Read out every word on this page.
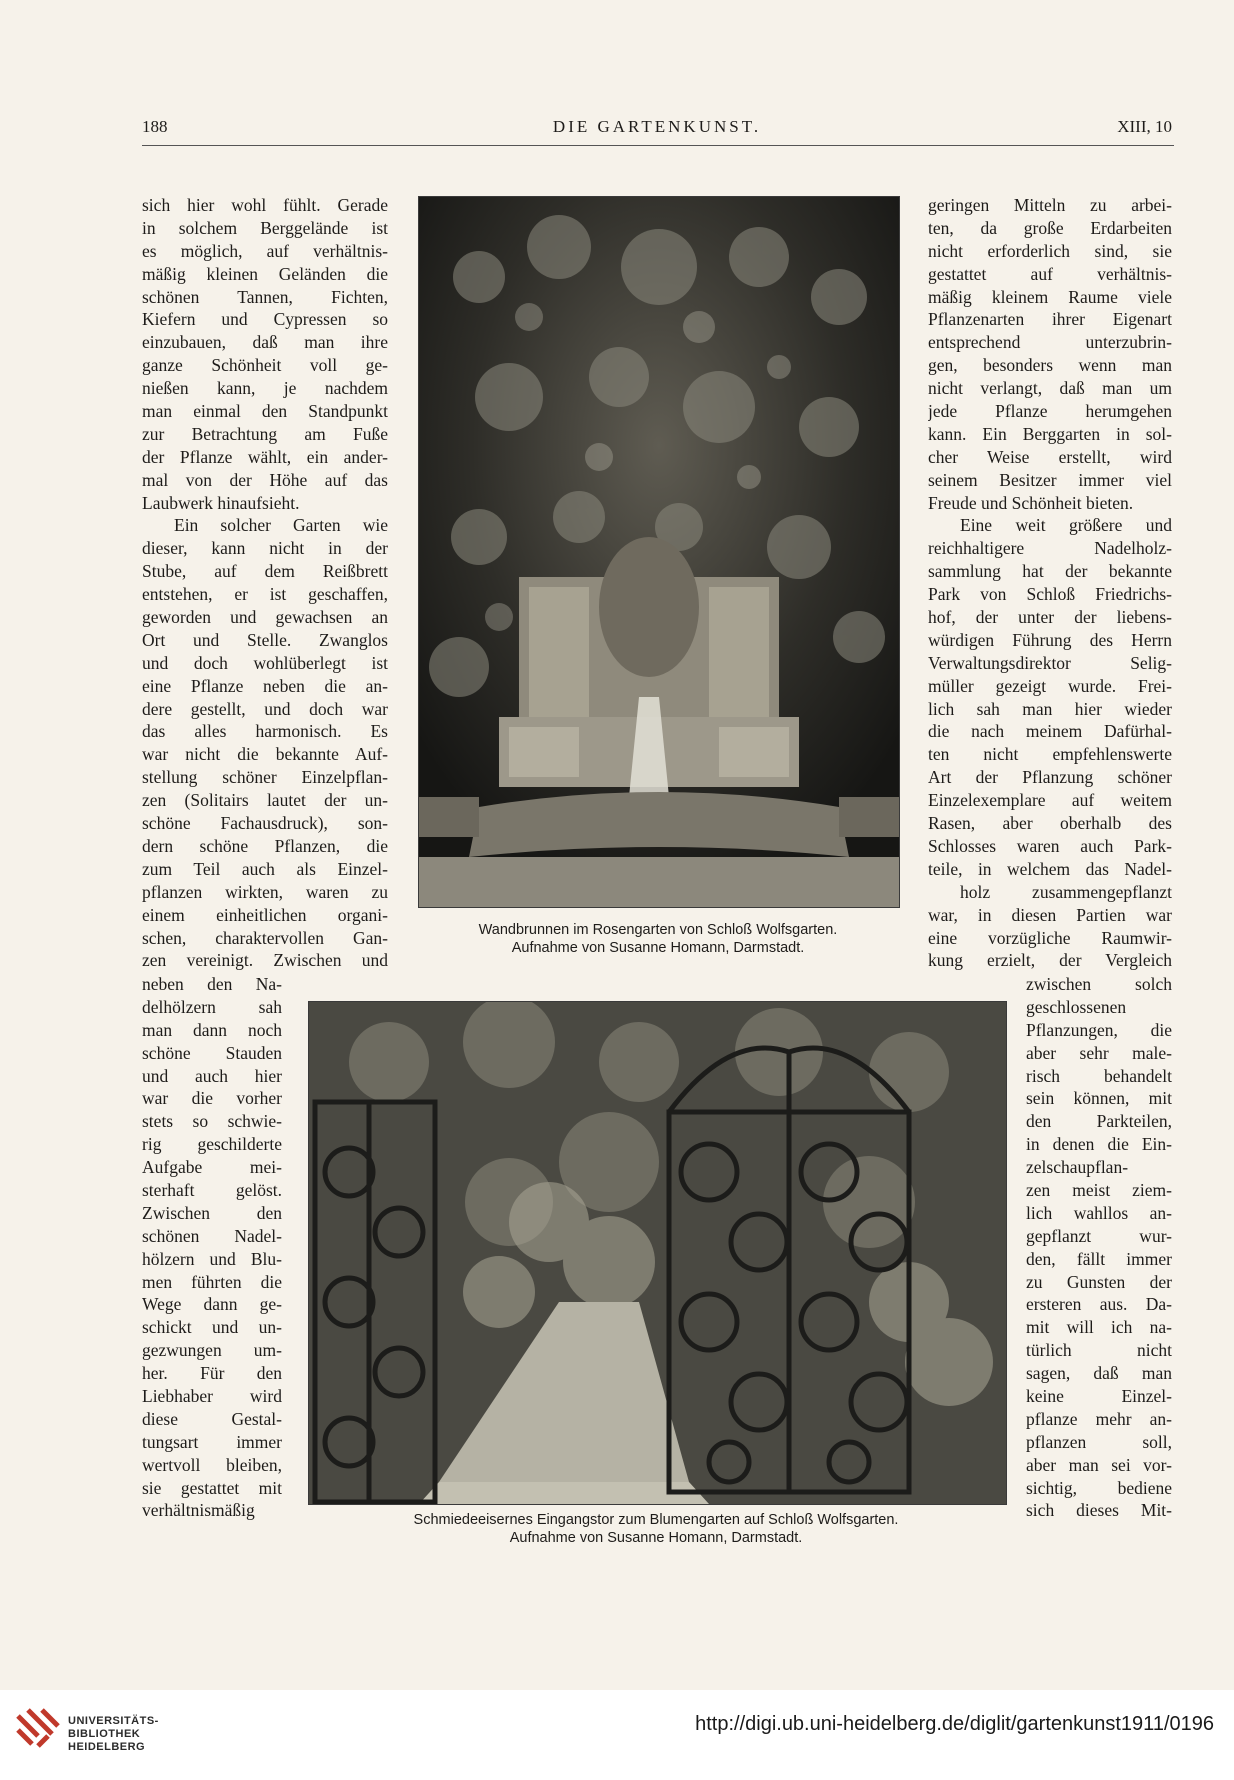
188	DIE GARTENKUNST.	XIII, 10
sich hier wohl fühlt. Gerade
in solchem Berggelände ist
es möglich, auf verhältnis-
mäßig kleinen Geländen die
schönen Tannen, Fichten,
Kiefern und Cypressen so
einzubauen, daß man ihre
ganze Schönheit voll ge-
nießen kann, je nachdem
man einmal den Standpunkt
zur Betrachtung am Fuße
der Pflanze wählt, ein ander-
mal von der Höhe auf das
Laubwerk hinaufsieht.
Ein solcher Garten wie
dieser, kann nicht in der
Stube, auf dem Reißbrett
entstehen, er ist geschaffen,
geworden und gewachsen an
Ort und Stelle. Zwanglos
und doch wohlüberlegt ist
eine Pflanze neben die an-
dere gestellt, und doch war
das alles harmonisch. Es
war nicht die bekannte Auf-
stellung schöner Einzelpflan-
zen (Solitairs lautet der un-
schöne Fachausdruck), son-
dern schöne Pflanzen, die
zum Teil auch als Einzel-
pflanzen wirkten, waren zu
einem einheitlichen organi-
schen, charaktervollen Gan-
zen vereinigt. Zwischen und
neben den Na-
delhölzern sah
man dann noch
schöne Stauden
und auch hier
war die vorher
stets so schwie-
rig geschilderte
Aufgabe mei-
sterhaft gelöst.
Zwischen den
schönen Nadel-
hölzern und Blu-
men führten die
Wege dann ge-
schickt und un-
gezwungen um-
her. Für den
Liebhaber wird
diese Gestal-
tungsart immer
wertvoll bleiben,
sie gestattet mit
verhältnismäßig
geringen Mitteln zu arbei-
ten, da große Erdarbeiten
nicht erforderlich sind, sie
gestattet auf verhältnis-
mäßig kleinem Raume viele
Pflanzenarten ihrer Eigenart
entsprechend unterzubrin-
gen, besonders wenn man
nicht verlangt, daß man um
jede Pflanze herumgehen
kann. Ein Berggarten in sol-
cher Weise erstellt, wird
seinem Besitzer immer viel
Freude und Schönheit bieten.
Eine weit größere und
reichhaltigere Nadelholz-
sammlung hat der bekannte
Park von Schloß Friedrichs-
hof, der unter der liebens-
würdigen Führung des Herrn
Verwaltungsdirektor Selig-
müller gezeigt wurde. Frei-
lich sah man hier wieder
die nach meinem Dafürhal-
ten nicht empfehlenswerte
Art der Pflanzung schöner
Einzelexemplare auf weitem
Rasen, aber oberhalb des
Schlosses waren auch Park-
teile, in welchem das Nadel-
holz zusammengepflanzt
war, in diesen Partien war
eine vorzügliche Raumwir-
kung erzielt, der Vergleich
zwischen solch
geschlossenen
Pflanzungen, die
aber sehr male-
risch behandelt
sein können, mit
den Parkteilen,
in denen die Ein-
zelschaupflan-
zen meist ziem-
lich wahllos an-
gepflanzt wur-
den, fällt immer
zu Gunsten der
ersteren aus. Da-
mit will ich na-
türlich nicht
sagen, daß man
keine Einzel-
pflanze mehr an-
pflanzen soll,
aber man sei vor-
sichtig, bediene
sich dieses Mit-
Wandbrunnen im Rosengarten von Schloß Wolfsgarten.
Aufnahme von Susanne Homann, Darmstadt.
Schmiedeeisernes Eingangstor zum Blumengarten auf Schloß Wolfsgarten.
Aufnahme von Susanne Homann, Darmstadt.
UNIVERSITÄTS-
BIBLIOTHEK
HEIDELBERG
http://digi.ub.uni-heidelberg.de/diglit/gartenkunst1911/0196
